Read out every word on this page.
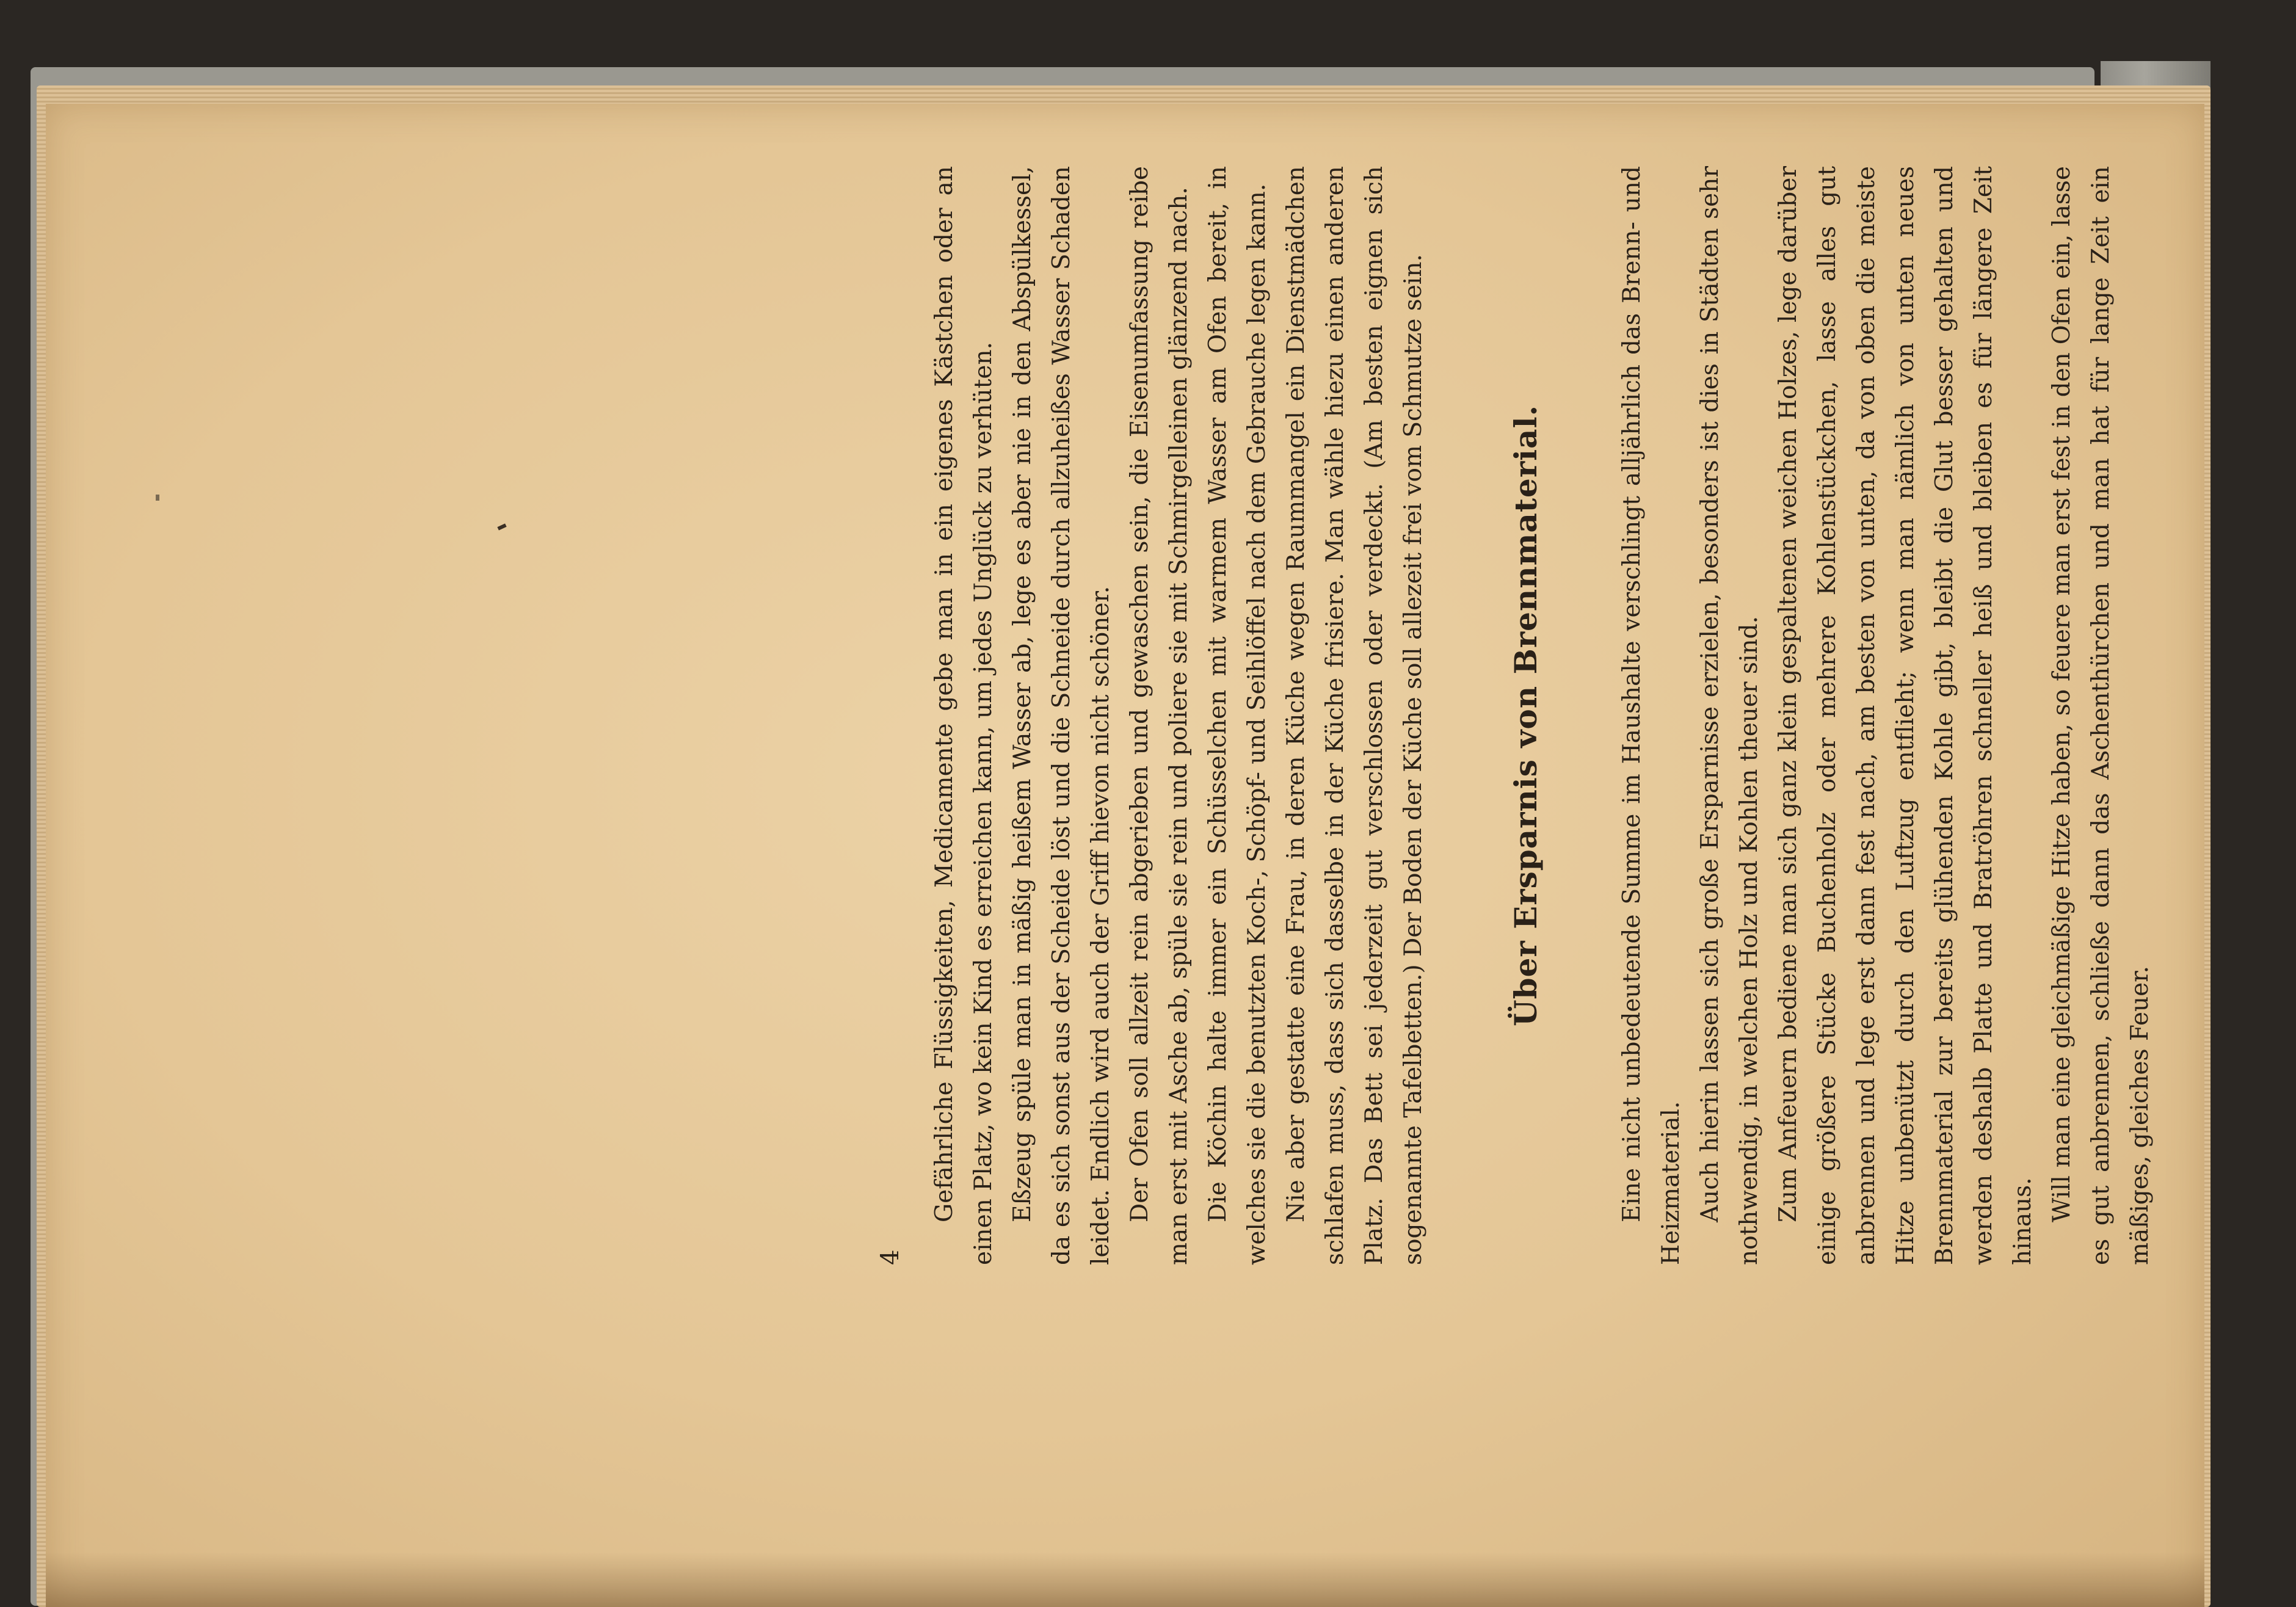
4

Gefährliche Flüssigkeiten, Medicamente gebe man in ein eigenes Kästchen oder an einen Platz, wo kein Kind es erreichen kann, um jedes Unglück zu verhüten. Eßzeug spüle man in mäßig heißem Wasser ab, lege es aber nie in den Abspülkessel, da es sich sonst aus der Scheide löst und die Schneide durch allzuheißes Wasser Schaden leidet. Endlich wird auch der Griff hievon nicht schöner. Der Ofen soll allzeit rein abgerieben und gewaschen sein, die Eisenumfassung reibe man erst mit Asche ab, spüle sie rein und poliere sie mit Schmirgelleinen glänzend nach. Die Köchin halte immer ein Schüsselchen mit warmem Wasser am Ofen bereit, in welches sie die benutzten Koch-, Schöpf- und Seihlöffel nach dem Gebrauche legen kann. Nie aber gestatte eine Frau, in deren Küche wegen Raummangel ein Dienstmädchen schlafen muss, dass sich dasselbe in der Küche frisiere. Man wähle hiezu einen anderen Platz. Das Bett sei jederzeit gut verschlossen oder verdeckt. (Am besten eignen sich sogenannte Tafelbetten.) Der Boden der Küche soll allezeit frei vom Schmutze sein.	Über Ersparnis von Brennmaterial.	Eine nicht unbedeutende Summe im Haushalte verschlingt alljährlich das Brenn- und Heizmaterial. Auch hierin lassen sich große Ersparnisse erzielen, besonders ist dies in Städten sehr nothwendig, in welchen Holz und Kohlen theuer sind. Zum Anfeuern bediene man sich ganz klein gespaltenen weichen Holzes, lege darüber einige größere Stücke Buchenholz oder mehrere Kohlenstückchen, lasse alles gut anbrennen und lege erst dann fest nach, am besten von unten, da von oben die meiste Hitze unbenützt durch den Luftzug entflieht; wenn man nämlich von unten neues Brennmaterial zur bereits glühenden Kohle gibt, bleibt die Glut besser gehalten und werden deshalb Platte und Bratröhren schneller heiß und bleiben es für längere Zeit hinaus. Will man eine gleichmäßige Hitze haben, so feuere man erst fest in den Ofen ein, lasse es gut anbrennen, schließe dann das Aschenthürchen und man hat für lange Zeit ein mäßiges, gleiches Feuer.
